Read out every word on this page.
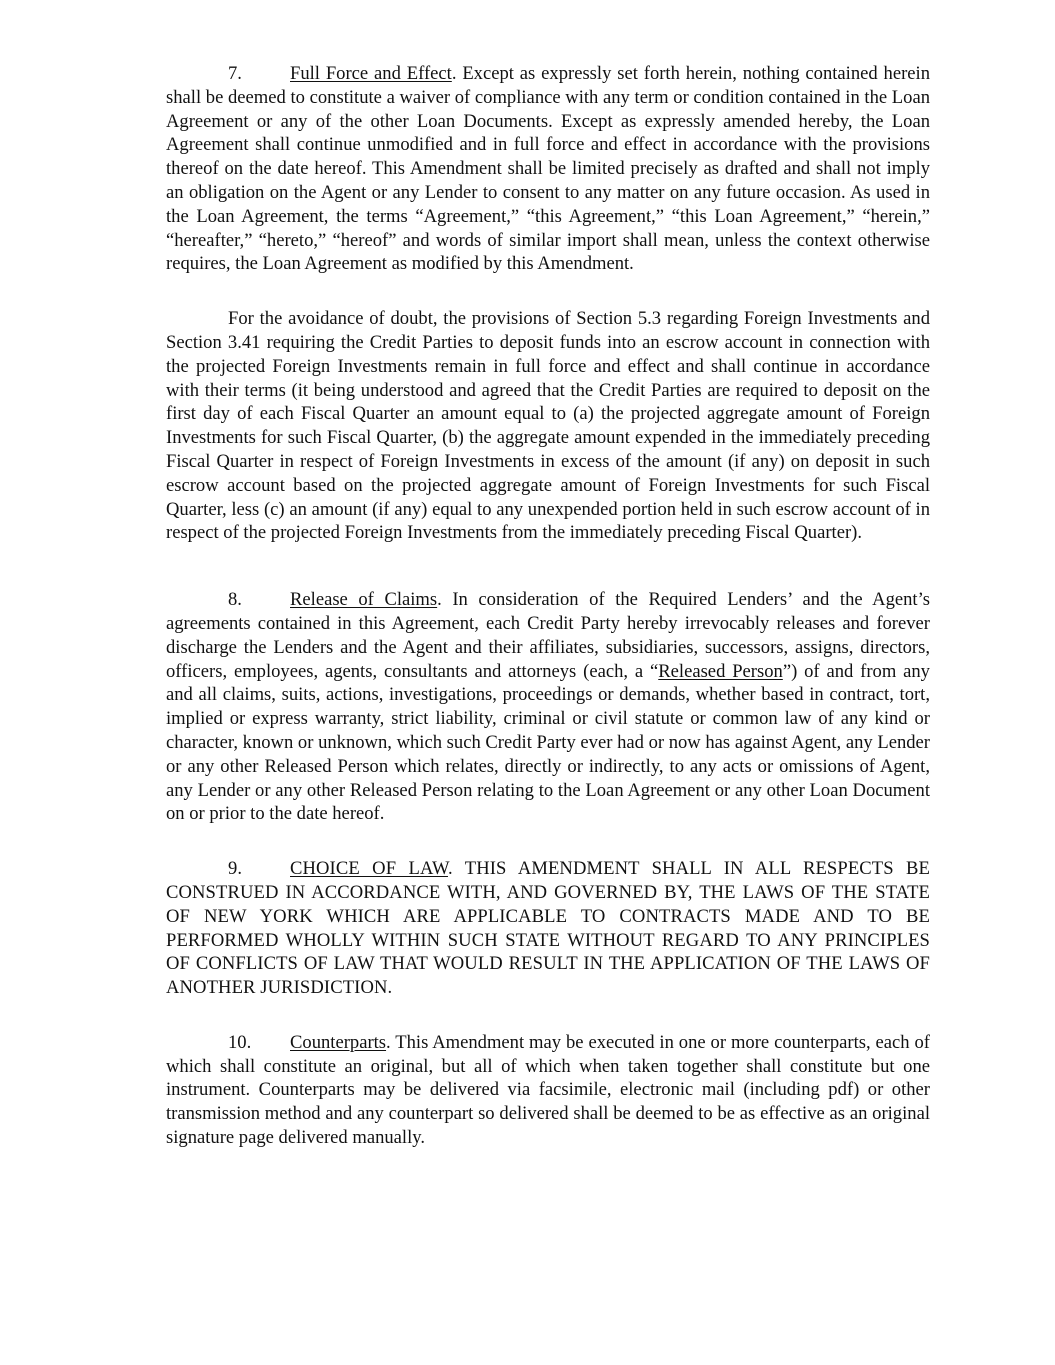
7.	Full Force and Effect. Except as expressly set forth herein, nothing contained herein shall be deemed to constitute a waiver of compliance with any term or condition contained in the Loan Agreement or any of the other Loan Documents. Except as expressly amended hereby, the Loan Agreement shall continue unmodified and in full force and effect in accordance with the provisions thereof on the date hereof. This Amendment shall be limited precisely as drafted and shall not imply an obligation on the Agent or any Lender to consent to any matter on any future occasion. As used in the Loan Agreement, the terms “Agreement,” “this Agreement,” “this Loan Agreement,” “herein,” “hereafter,” “hereto,” “hereof” and words of similar import shall mean, unless the context otherwise requires, the Loan Agreement as modified by this Amendment.

For the avoidance of doubt, the provisions of Section 5.3 regarding Foreign Investments and Section 3.41 requiring the Credit Parties to deposit funds into an escrow account in connection with the projected Foreign Investments remain in full force and effect and shall continue in accordance with their terms (it being understood and agreed that the Credit Parties are required to deposit on the first day of each Fiscal Quarter an amount equal to (a) the projected aggregate amount of Foreign Investments for such Fiscal Quarter, (b) the aggregate amount expended in the immediately preceding Fiscal Quarter in respect of Foreign Investments in excess of the amount (if any) on deposit in such escrow account based on the projected aggregate amount of Foreign Investments for such Fiscal Quarter, less (c) an amount (if any) equal to any unexpended portion held in such escrow account of in respect of the projected Foreign Investments from the immediately preceding Fiscal Quarter).

8.	Release of Claims. In consideration of the Required Lenders’ and the Agent’s agreements contained in this Agreement, each Credit Party hereby irrevocably releases and forever discharge the Lenders and the Agent and their affiliates, subsidiaries, successors, assigns, directors, officers, employees, agents, consultants and attorneys (each, a “Released Person”) of and from any and all claims, suits, actions, investigations, proceedings or demands, whether based in contract, tort, implied or express warranty, strict liability, criminal or civil statute or common law of any kind or character, known or unknown, which such Credit Party ever had or now has against Agent, any Lender or any other Released Person which relates, directly or indirectly, to any acts or omissions of Agent, any Lender or any other Released Person relating to the Loan Agreement or any other Loan Document on or prior to the date hereof.

9.	CHOICE OF LAW. THIS AMENDMENT SHALL IN ALL RESPECTS BE CONSTRUED IN ACCORDANCE WITH, AND GOVERNED BY, THE LAWS OF THE STATE OF NEW YORK WHICH ARE APPLICABLE TO CONTRACTS MADE AND TO BE PERFORMED WHOLLY WITHIN SUCH STATE WITHOUT REGARD TO ANY PRINCIPLES OF CONFLICTS OF LAW THAT WOULD RESULT IN THE APPLICATION OF THE LAWS OF ANOTHER JURISDICTION.

10. Counterparts. This Amendment may be executed in one or more counterparts, each of which shall constitute an original, but all of which when taken together shall constitute but one instrument. Counterparts may be delivered via facsimile, electronic mail (including pdf) or other transmission method and any counterpart so delivered shall be deemed to be as effective as an original signature page delivered manually.
